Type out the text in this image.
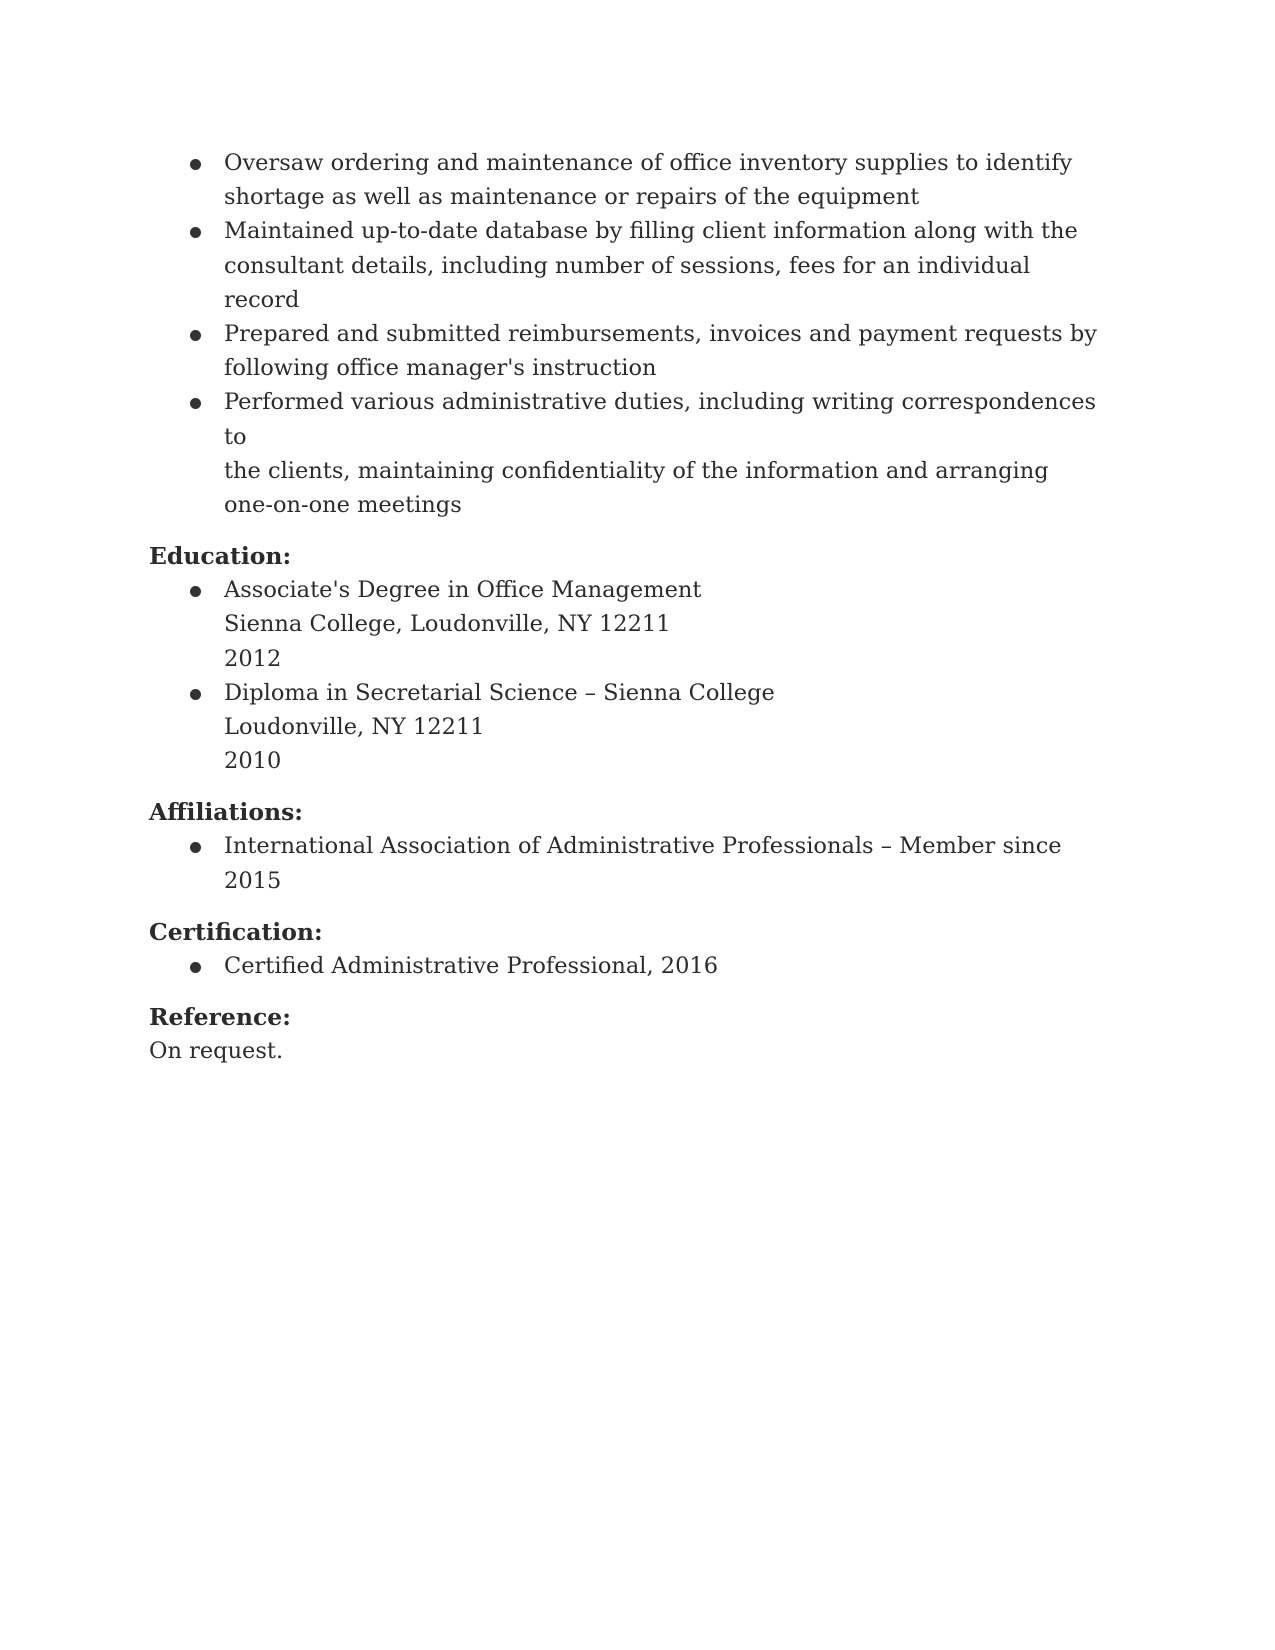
Oversaw ordering and maintenance of office inventory supplies to identify
shortage as well as maintenance or repairs of the equipment
Maintained up-to-date database by filling client information along with the
consultant details, including number of sessions, fees for an individual record
Prepared and submitted reimbursements, invoices and payment requests by
following office manager's instruction
Performed various administrative duties, including writing correspondences to
the clients, maintaining confidentiality of the information and arranging
one-on-one meetings
Education:
Associate's Degree in Office Management
Sienna College, Loudonville, NY 12211
2012
Diploma in Secretarial Science – Sienna College
Loudonville, NY 12211
2010
Affiliations:
International Association of Administrative Professionals – Member since 2015
Certification:
Certified Administrative Professional, 2016
Reference:
On request.
